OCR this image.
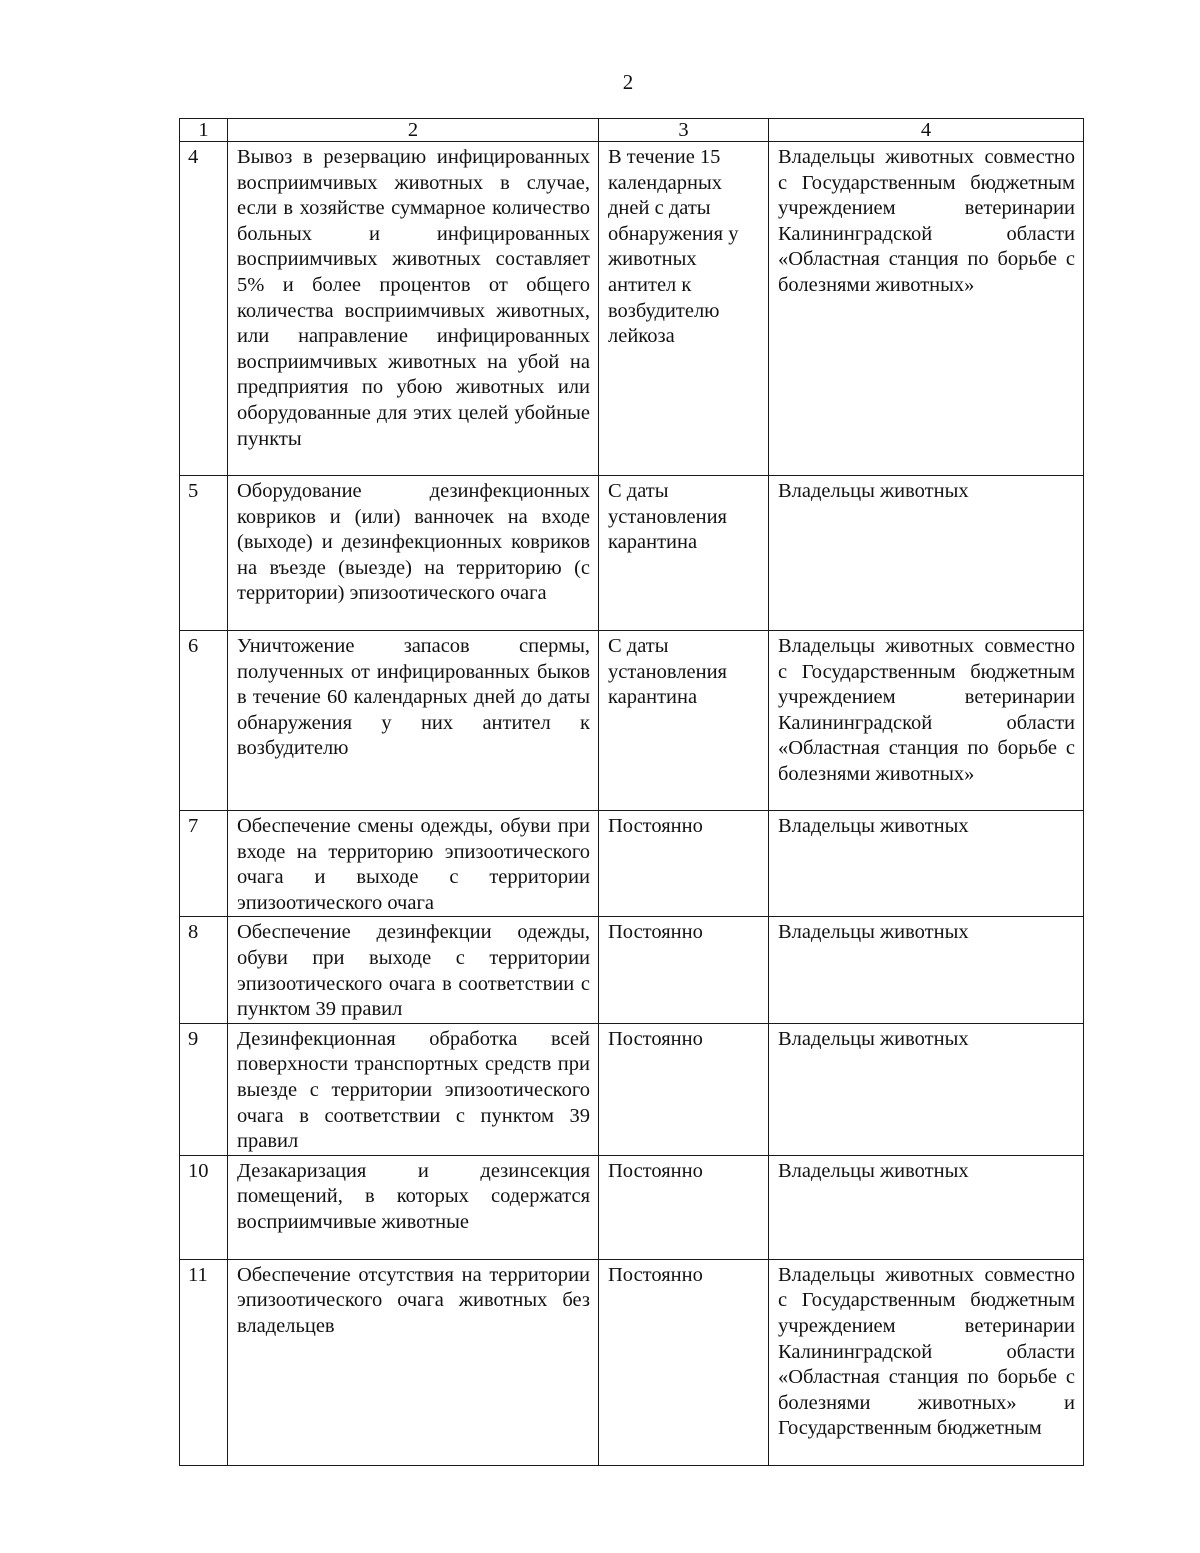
2
1	2	3	4
4	Вывоз в резервацию инфицированных восприимчивых животных в случае, если в хозяйстве суммарное количество больных и инфицированных восприимчивых животных составляет 5% и более процентов от общего количества восприимчивых животных, или направление инфицированных восприимчивых животных на убой на предприятия по убою животных или оборудованные для этих целей убойные пункты	В течение 15 календарных дней с даты обнаружения у животных антител к возбудителю лейкоза	Владельцы животных совместно с Государственным бюджетным учреждением ветеринарии Калининградской области «Областная станция по борьбе с болезнями животных»
5	Оборудование дезинфекционных ковриков и (или) ванночек на входе (выходе) и дезинфекционных ковриков на въезде (выезде) на территорию (с территории) эпизоотического очага	С даты установления карантина	Владельцы животных
6	Уничтожение запасов спермы, полученных от инфицированных быков в течение 60 календарных дней до даты обнаружения у них антител к возбудителю	С даты установления карантина	Владельцы животных совместно с Государственным бюджетным учреждением ветеринарии Калининградской области «Областная станция по борьбе с болезнями животных»
7	Обеспечение смены одежды, обуви при входе на территорию эпизоотического очага и выходе с территории эпизоотического очага	Постоянно	Владельцы животных
8	Обеспечение дезинфекции одежды, обуви при выходе с территории эпизоотического очага в соответствии с пунктом 39 правил	Постоянно	Владельцы животных
9	Дезинфекционная обработка всей поверхности транспортных средств при выезде с территории эпизоотического очага в соответствии с пунктом 39 правил	Постоянно	Владельцы животных
10	Дезакаризация и дезинсекция помещений, в которых содержатся восприимчивые животные	Постоянно	Владельцы животных
11	Обеспечение отсутствия на территории эпизоотического очага животных без владельцев	Постоянно	Владельцы животных совместно с Государственным бюджетным учреждением ветеринарии Калининградской области «Областная станция по борьбе с болезнями животных» и Государственным бюджетным
